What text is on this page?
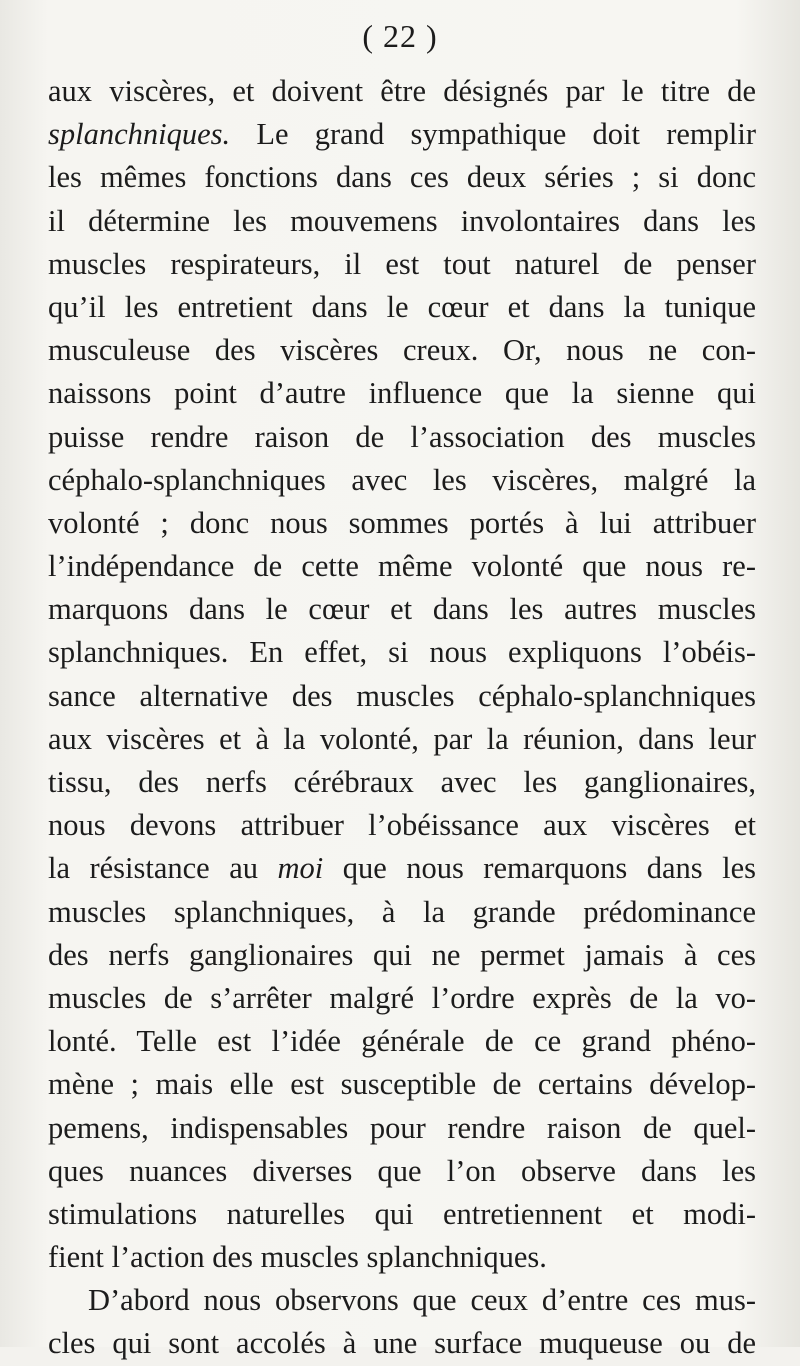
( 22 )
aux viscères, et doivent être désignés par le titre de
splanchniques. Le grand sympathique doit remplir
les mêmes fonctions dans ces deux séries ; si donc
il détermine les mouvemens involontaires dans les
muscles respirateurs, il est tout naturel de penser
qu’il les entretient dans le cœur et dans la tunique
musculeuse des viscères creux. Or, nous ne con-
naissons point d’autre influence que la sienne qui
puisse rendre raison de l’association des muscles
céphalo-splanchniques avec les viscères, malgré la
volonté ; donc nous sommes portés à lui attribuer
l’indépendance de cette même volonté que nous re-
marquons dans le cœur et dans les autres muscles
splanchniques. En effet, si nous expliquons l’obéis-
sance alternative des muscles céphalo-splanchniques
aux viscères et à la volonté, par la réunion, dans leur
tissu, des nerfs cérébraux avec les ganglionaires,
nous devons attribuer l’obéissance aux viscères et
la résistance au moi que nous remarquons dans les
muscles splanchniques, à la grande prédominance
des nerfs ganglionaires qui ne permet jamais à ces
muscles de s’arrêter malgré l’ordre exprès de la vo-
lonté. Telle est l’idée générale de ce grand phéno-
mène ; mais elle est susceptible de certains dévelop-
pemens, indispensables pour rendre raison de quel-
ques nuances diverses que l’on observe dans les
stimulations naturelles qui entretiennent et modi-
fient l’action des muscles splanchniques.
D’abord nous observons que ceux d’entre ces mus-
cles qui sont accolés à une surface muqueuse ou de
